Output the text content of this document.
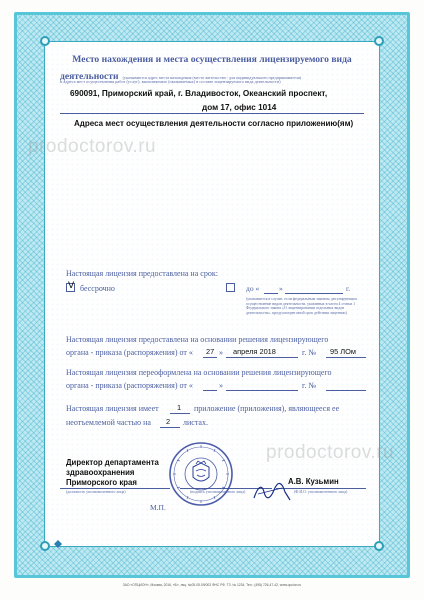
prodoctorov.ru
prodoctorov.ru
Место нахождения и места осуществления лицензируемого вида
деятельности (указываются адрес места нахождения (место жительства - для индивидуального предпринимателя)
и адреса мест осуществления работ (услуг), выполняемых (оказываемых) в составе лицензируемого вида деятельности)
690091, Приморский край, г. Владивосток, Океанский проспект,
дом 17, офис 1014
Адреса мест осуществления деятельности согласно приложению(ям)
Настоящая лицензия предоставлена на срок:
V бессрочно	до «	»	г.
(указывается в случае, если федеральным законом, регулирующим осуществление видов деятельности, указанных в части 4 статьи 1 Федерального закона «О лицензировании отдельных видов деятельности», предусмотрен иной срок действия лицензии)
Настоящая лицензия предоставлена на основании решения лицензирующего
органа - приказа (распоряжения) от « 27 » апреля 2018	г. № 95 ЛОм
Настоящая лицензия переоформлена на основании решения лицензирующего
органа - приказа (распоряжения) от «	»	г. №
Настоящая лицензия имеет 1 приложение (приложения), являющееся ее
неотъемлемой частью на 2 листах.
Директор департамента
здравоохранения
Приморского края
(должность уполномоченного лица)	(подпись уполномоченного лица)
А.В. Кузьмин
(Ф.И.О. уполномоченного лица)
М.П.
ЗАО «ОПЦИОН», Москва, 2016, «Б», лиц. №05-05-09/003 ФНС РФ. ТЗ. № 1234. Тел.: (495) 726-47-42, www.opcion.ru
